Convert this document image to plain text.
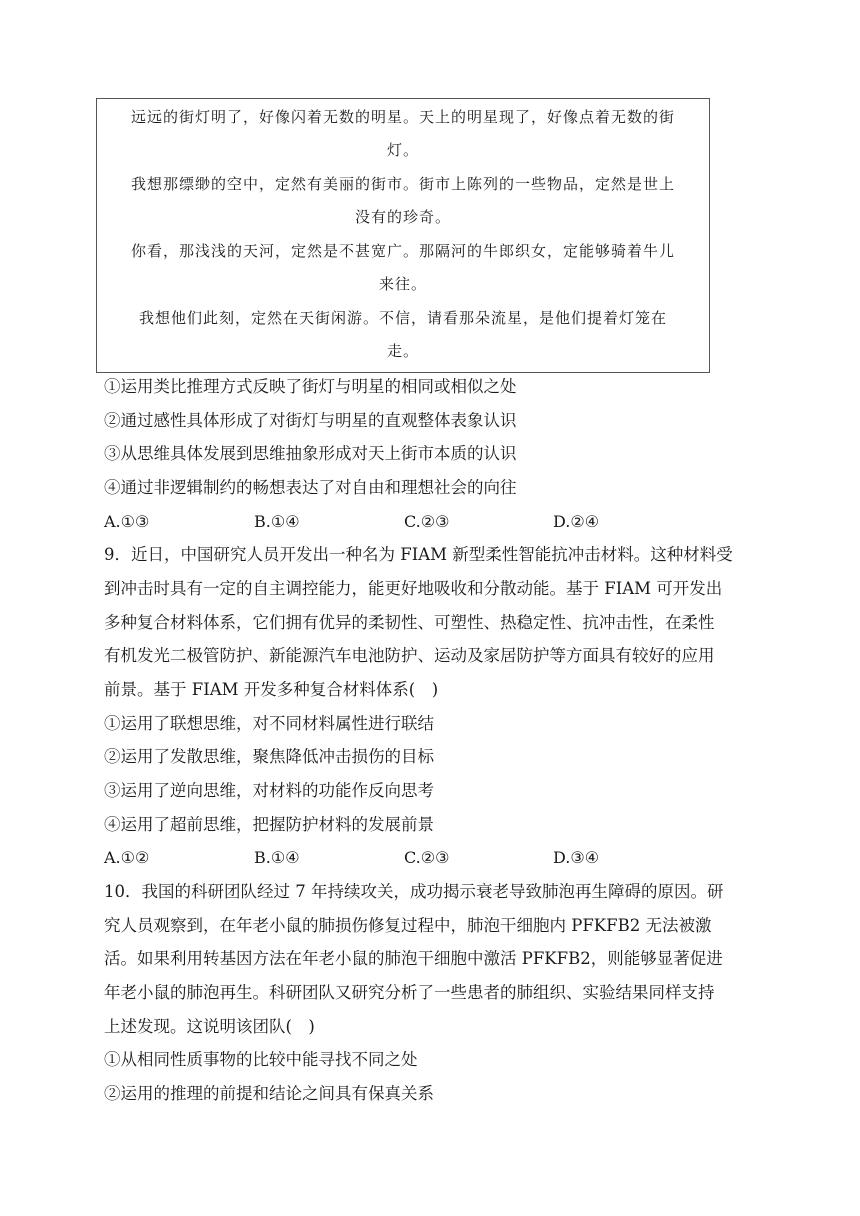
远远的街灯明了，好像闪着无数的明星。天上的明星现了，好像点着无数的街
灯。
我想那缥缈的空中，定然有美丽的街市。街市上陈列的一些物品，定然是世上
没有的珍奇。
你看，那浅浅的天河，定然是不甚宽广。那隔河的牛郎织女，定能够骑着牛儿
来往。
我想他们此刻，定然在天街闲游。不信，请看那朵流星，是他们提着灯笼在
走。
①运用类比推理方式反映了街灯与明星的相同或相似之处
②通过感性具体形成了对街灯与明星的直观整体表象认识
③从思维具体发展到思维抽象形成对天上街市本质的认识
④通过非逻辑制约的畅想表达了对自由和理想社会的向往
A.①③	B.①④	C.②③	D.②④
9．近日，中国研究人员开发出一种名为 FIAM 新型柔性智能抗冲击材料。这种材料受
到冲击时具有一定的自主调控能力，能更好地吸收和分散动能。基于 FIAM 可开发出
多种复合材料体系，它们拥有优异的柔韧性、可塑性、热稳定性、抗冲击性，在柔性
有机发光二极管防护、新能源汽车电池防护、运动及家居防护等方面具有较好的应用
前景。基于 FIAM 开发多种复合材料体系(　)
①运用了联想思维，对不同材料属性进行联结
②运用了发散思维，聚焦降低冲击损伤的目标
③运用了逆向思维，对材料的功能作反向思考
④运用了超前思维，把握防护材料的发展前景
A.①②	B.①④	C.②③	D.③④
10．我国的科研团队经过 7 年持续攻关，成功揭示衰老导致肺泡再生障碍的原因。研
究人员观察到，在年老小鼠的肺损伤修复过程中，肺泡干细胞内 PFKFB2 无法被激
活。如果利用转基因方法在年老小鼠的肺泡干细胞中激活 PFKFB2，则能够显著促进
年老小鼠的肺泡再生。科研团队又研究分析了一些患者的肺组织、实验结果同样支持
上述发现。这说明该团队(　)
①从相同性质事物的比较中能寻找不同之处
②运用的推理的前提和结论之间具有保真关系
